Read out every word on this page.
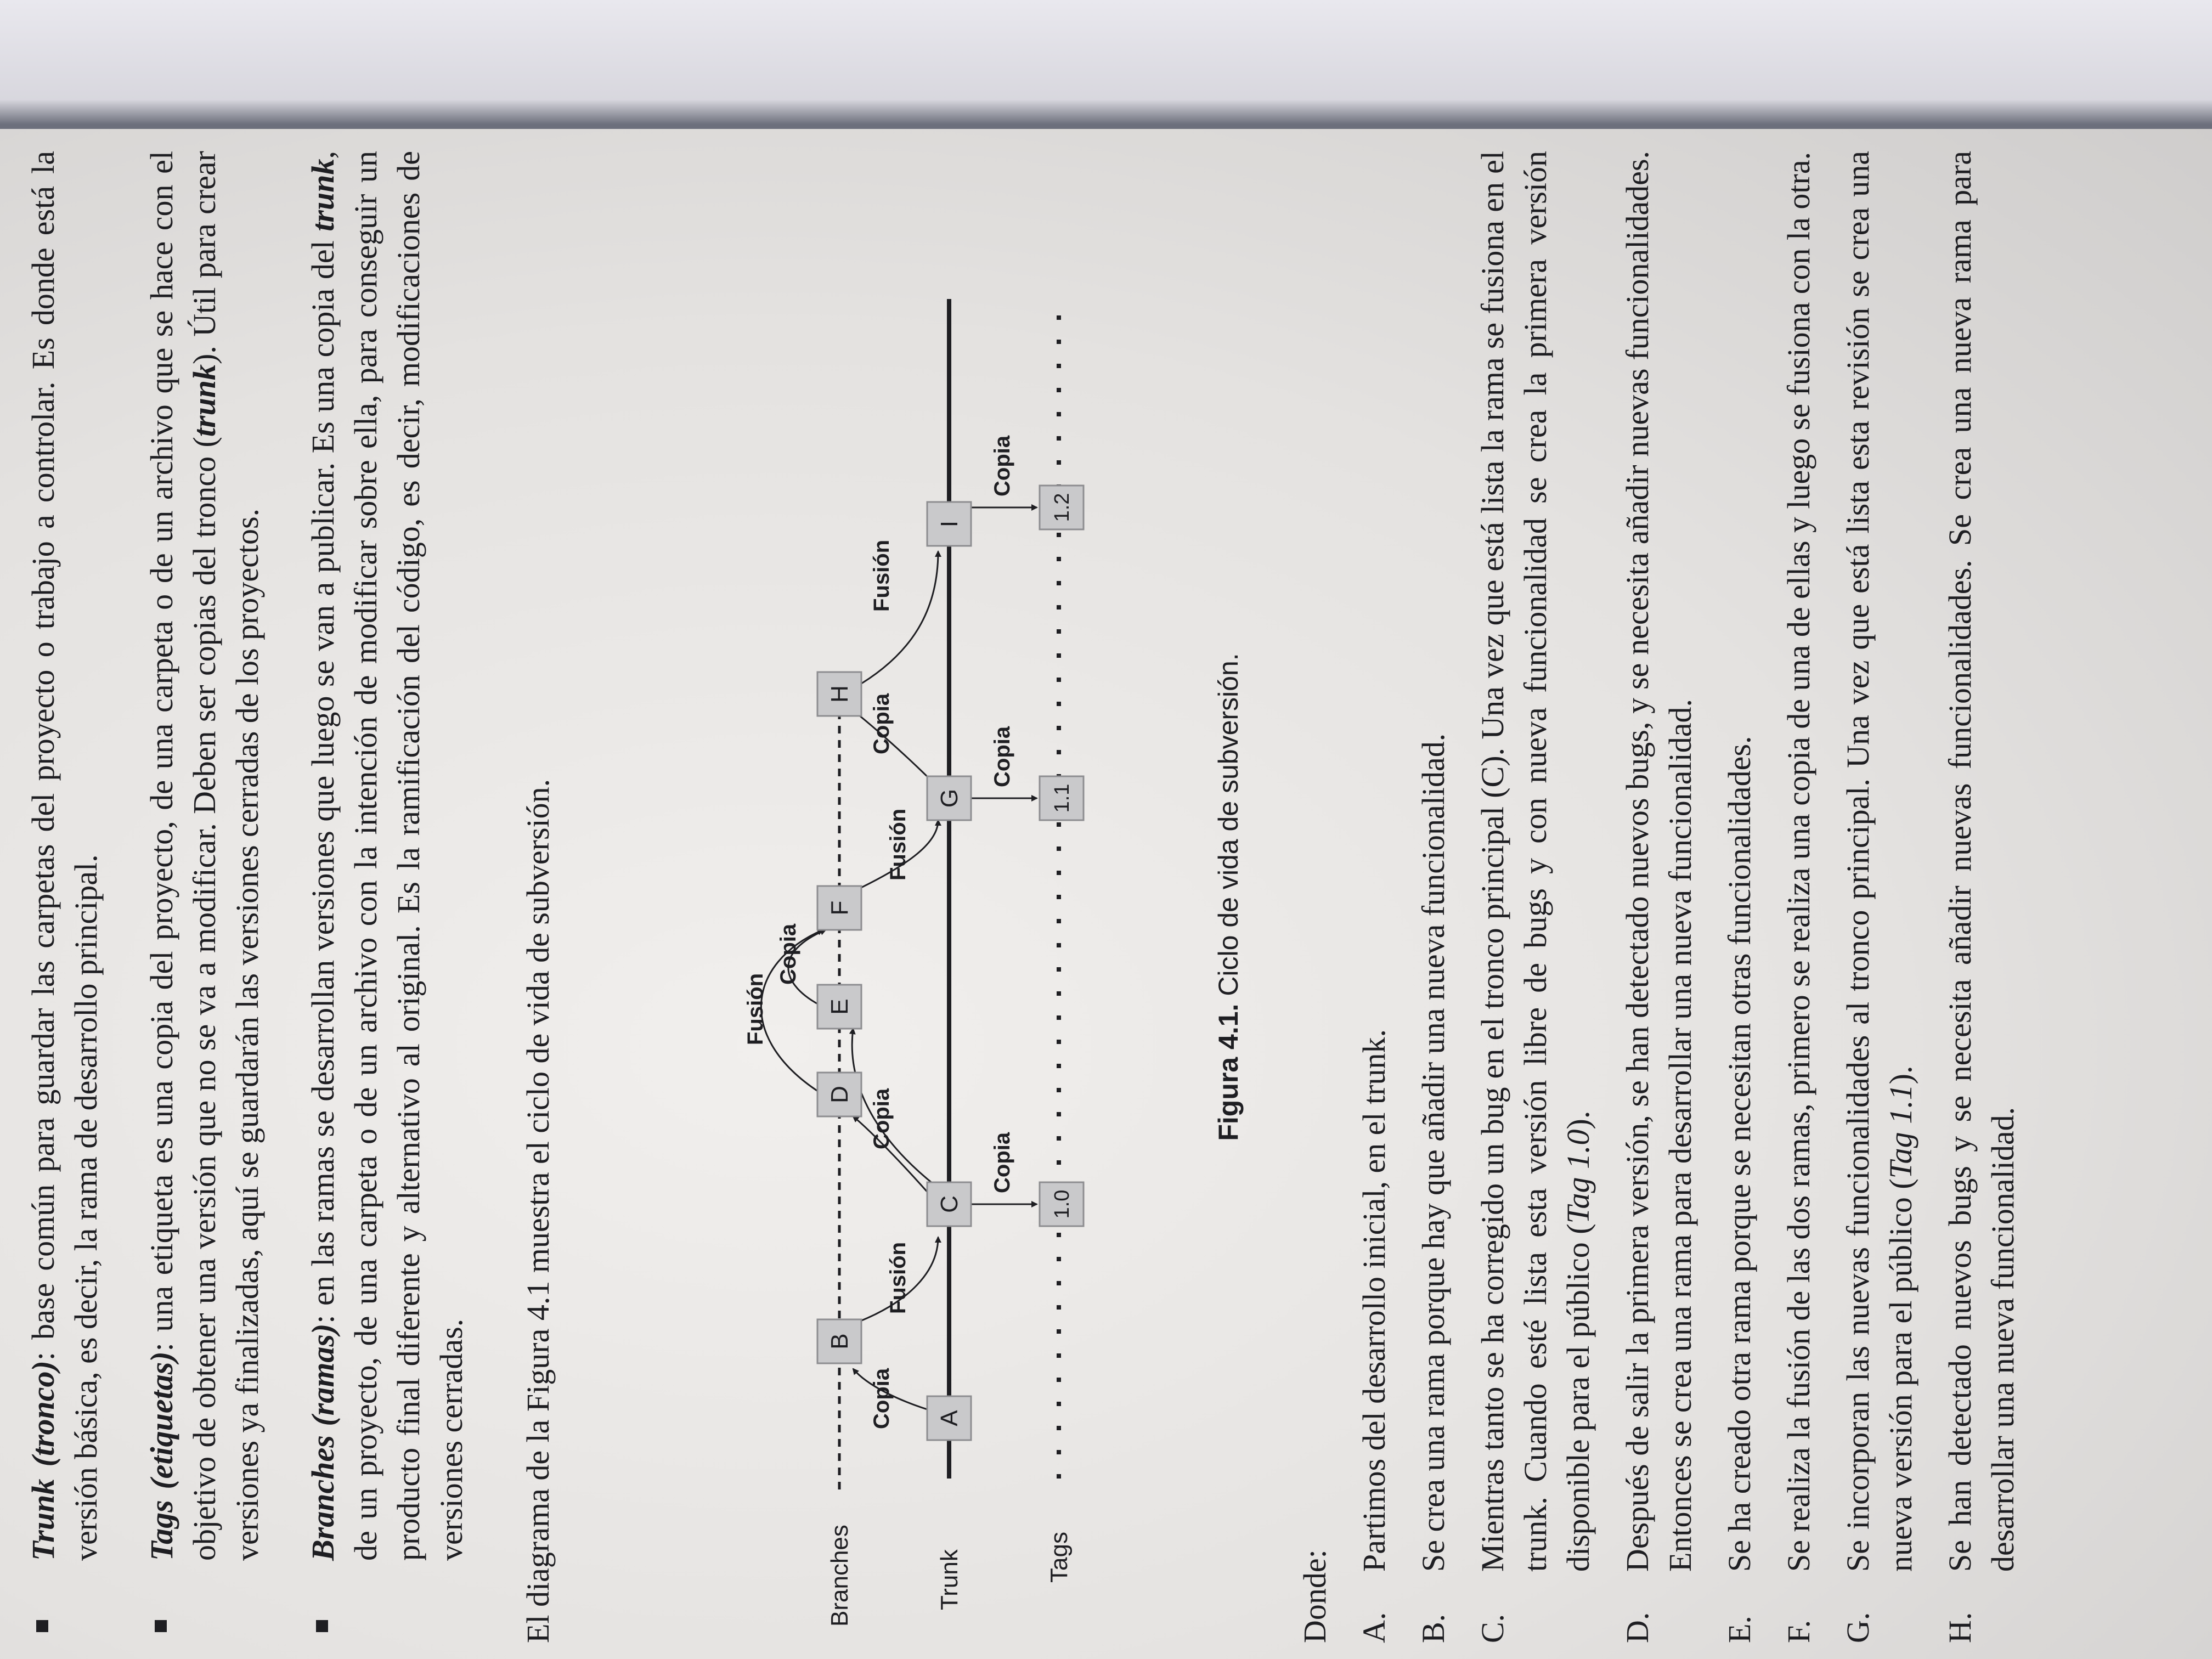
Trunk (tronco): base común para guardar las carpetas del proyecto o trabajo a controlar. Es donde está la versión básica, es decir, la rama de desarrollo principal. Tags (etiquetas): una etiqueta es una copia del proyecto, de una carpeta o de un archivo que se hace con el objetivo de obtener una versión que no se va a modificar. Deben ser copias del tronco (trunk). Útil para crear versiones ya finalizadas, aquí se guardarán las versiones cerradas de los proyectos. Branches (ramas): en las ramas se desarrollan versiones que luego se van a publicar. Es una copia del trunk, de un proyecto, de una carpeta o de un archivo con la intención de modificar sobre ella, para conseguir un producto final diferente y alternativo al original. Es la ramificación del código, es decir, modificaciones de versiones cerradas. El diagrama de la Figura 4.1 muestra el ciclo de vida de subversión.	Branches	Trunk	Tags
A
B
C
D
E
F
G
H
I
1.0
1.1
1.2
Copia
Fusión
Copia
Fusión
Copia
Fusión
Copia
Fusión
Copia
Copia
Copia
Figura 4.1. Ciclo de vida de subversión.
Donde: A.
Partimos del desarrollo inicial, en el trunk.
B.
Se crea una rama porque hay que añadir una nueva funcionalidad.
C.
Mientras tanto se ha corregido un bug en el tronco principal (C). Una vez que está lista la rama se fusiona en el trunk. Cuando esté lista esta versión libre de bugs y con nueva funcionalidad se crea la primera versión disponible para el público (Tag 1.0).
D.
Después de salir la primera versión, se han detectado nuevos bugs, y se necesita añadir nuevas funcionalidades. Entonces se crea una rama para desarrollar una nueva funcionalidad.
E.
Se ha creado otra rama porque se necesitan otras funcionalidades.
F.
Se realiza la fusión de las dos ramas, primero se realiza una copia de una de ellas y luego se fusiona con la otra.
G.
Se incorporan las nuevas funcionalidades al tronco principal. Una vez que está lista esta revisión se crea una nueva versión para el público (Tag 1.1).
H.
Se han detectado nuevos bugs y se necesita añadir nuevas funcionalidades. Se crea una nueva rama para desarrollar una nueva funcionalidad.
